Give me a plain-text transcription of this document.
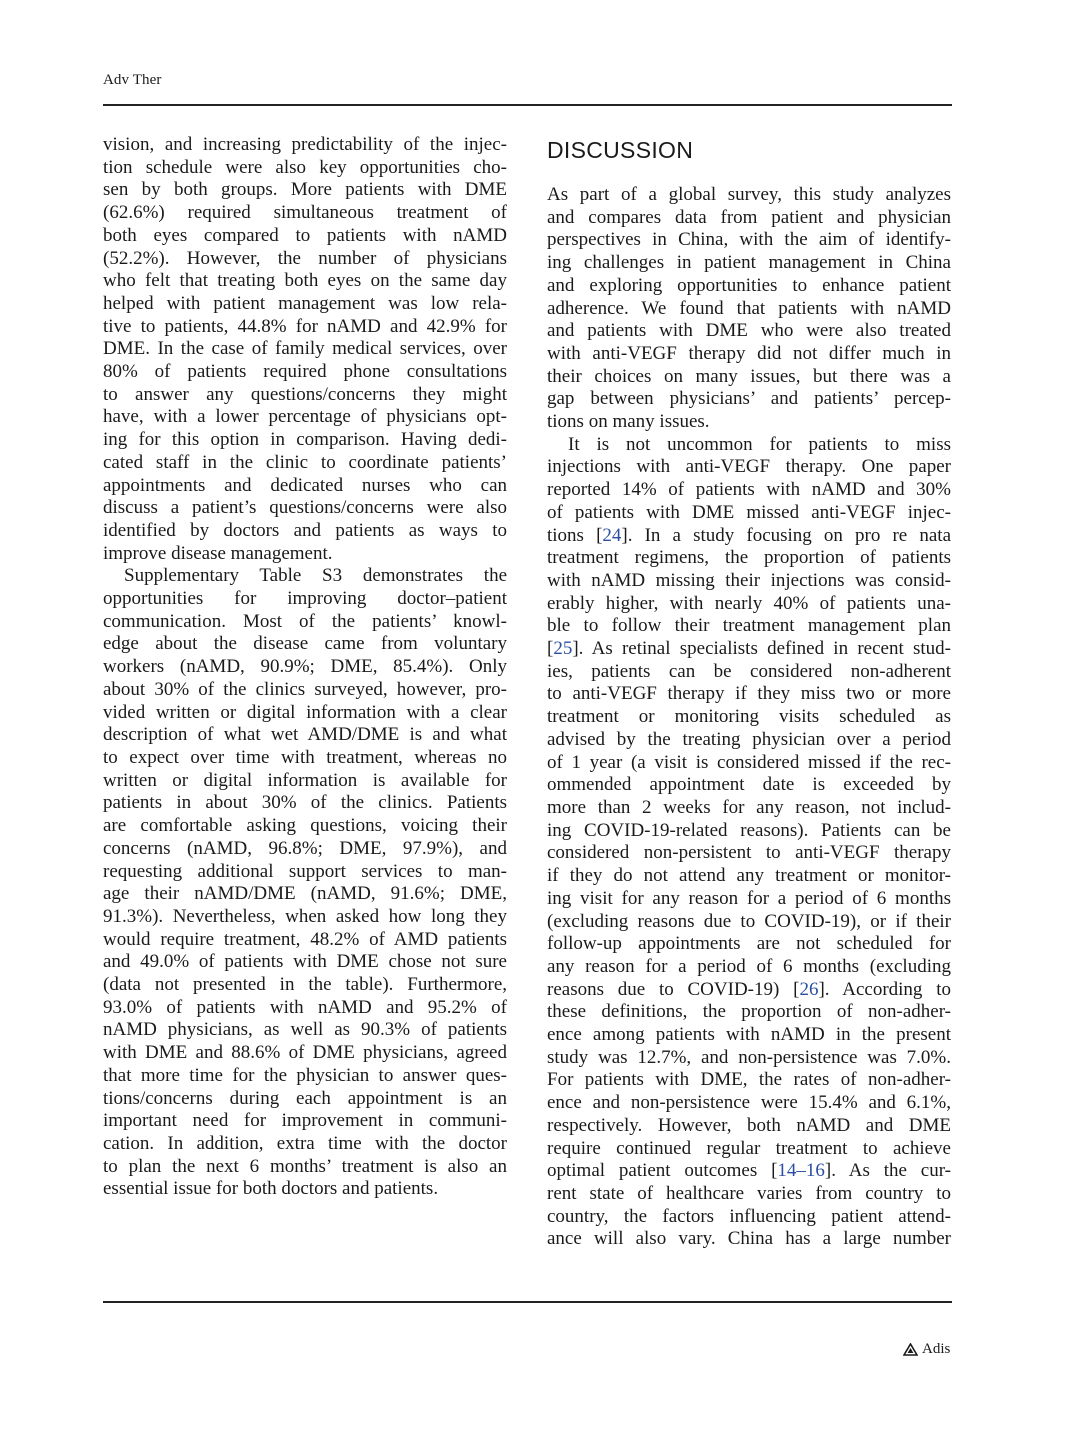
Adv Ther
vision, and increasing predictability of the injec-
tion schedule were also key opportunities cho-
sen by both groups. More patients with DME
(62.6%) required simultaneous treatment of
both eyes compared to patients with nAMD
(52.2%). However, the number of physicians
who felt that treating both eyes on the same day
helped with patient management was low rela-
tive to patients, 44.8% for nAMD and 42.9% for
DME. In the case of family medical services, over
80% of patients required phone consultations
to answer any questions/concerns they might
have, with a lower percentage of physicians opt-
ing for this option in comparison. Having dedi-
cated staff in the clinic to coordinate patients’
appointments and dedicated nurses who can
discuss a patient’s questions/concerns were also
identified by doctors and patients as ways to
improve disease management.
Supplementary Table S3 demonstrates the
opportunities for improving doctor–patient
communication. Most of the patients’ knowl-
edge about the disease came from voluntary
workers (nAMD, 90.9%; DME, 85.4%). Only
about 30% of the clinics surveyed, however, pro-
vided written or digital information with a clear
description of what wet AMD/DME is and what
to expect over time with treatment, whereas no
written or digital information is available for
patients in about 30% of the clinics. Patients
are comfortable asking questions, voicing their
concerns (nAMD, 96.8%; DME, 97.9%), and
requesting additional support services to man-
age their nAMD/DME (nAMD, 91.6%; DME,
91.3%). Nevertheless, when asked how long they
would require treatment, 48.2% of AMD patients
and 49.0% of patients with DME chose not sure
(data not presented in the table). Furthermore,
93.0% of patients with nAMD and 95.2% of
nAMD physicians, as well as 90.3% of patients
with DME and 88.6% of DME physicians, agreed
that more time for the physician to answer ques-
tions/concerns during each appointment is an
important need for improvement in communi-
cation. In addition, extra time with the doctor
to plan the next 6 months’ treatment is also an
essential issue for both doctors and patients.
DISCUSSION
As part of a global survey, this study analyzes
and compares data from patient and physician
perspectives in China, with the aim of identify-
ing challenges in patient management in China
and exploring opportunities to enhance patient
adherence. We found that patients with nAMD
and patients with DME who were also treated
with anti-VEGF therapy did not differ much in
their choices on many issues, but there was a
gap between physicians’ and patients’ percep-
tions on many issues.
It is not uncommon for patients to miss
injections with anti-VEGF therapy. One paper
reported 14% of patients with nAMD and 30%
of patients with DME missed anti-VEGF injec-
tions [24]. In a study focusing on pro re nata
treatment regimens, the proportion of patients
with nAMD missing their injections was consid-
erably higher, with nearly 40% of patients una-
ble to follow their treatment management plan
[25]. As retinal specialists defined in recent stud-
ies, patients can be considered non-adherent
to anti-VEGF therapy if they miss two or more
treatment or monitoring visits scheduled as
advised by the treating physician over a period
of 1 year (a visit is considered missed if the rec-
ommended appointment date is exceeded by
more than 2 weeks for any reason, not includ-
ing COVID-19-related reasons). Patients can be
considered non-persistent to anti-VEGF therapy
if they do not attend any treatment or monitor-
ing visit for any reason for a period of 6 months
(excluding reasons due to COVID-19), or if their
follow-up appointments are not scheduled for
any reason for a period of 6 months (excluding
reasons due to COVID-19) [26]. According to
these definitions, the proportion of non-adher-
ence among patients with nAMD in the present
study was 12.7%, and non-persistence was 7.0%.
For patients with DME, the rates of non-adher-
ence and non-persistence were 15.4% and 6.1%,
respectively. However, both nAMD and DME
require continued regular treatment to achieve
optimal patient outcomes [14–16]. As the cur-
rent state of healthcare varies from country to
country, the factors influencing patient attend-
ance will also vary. China has a large number
Adis
